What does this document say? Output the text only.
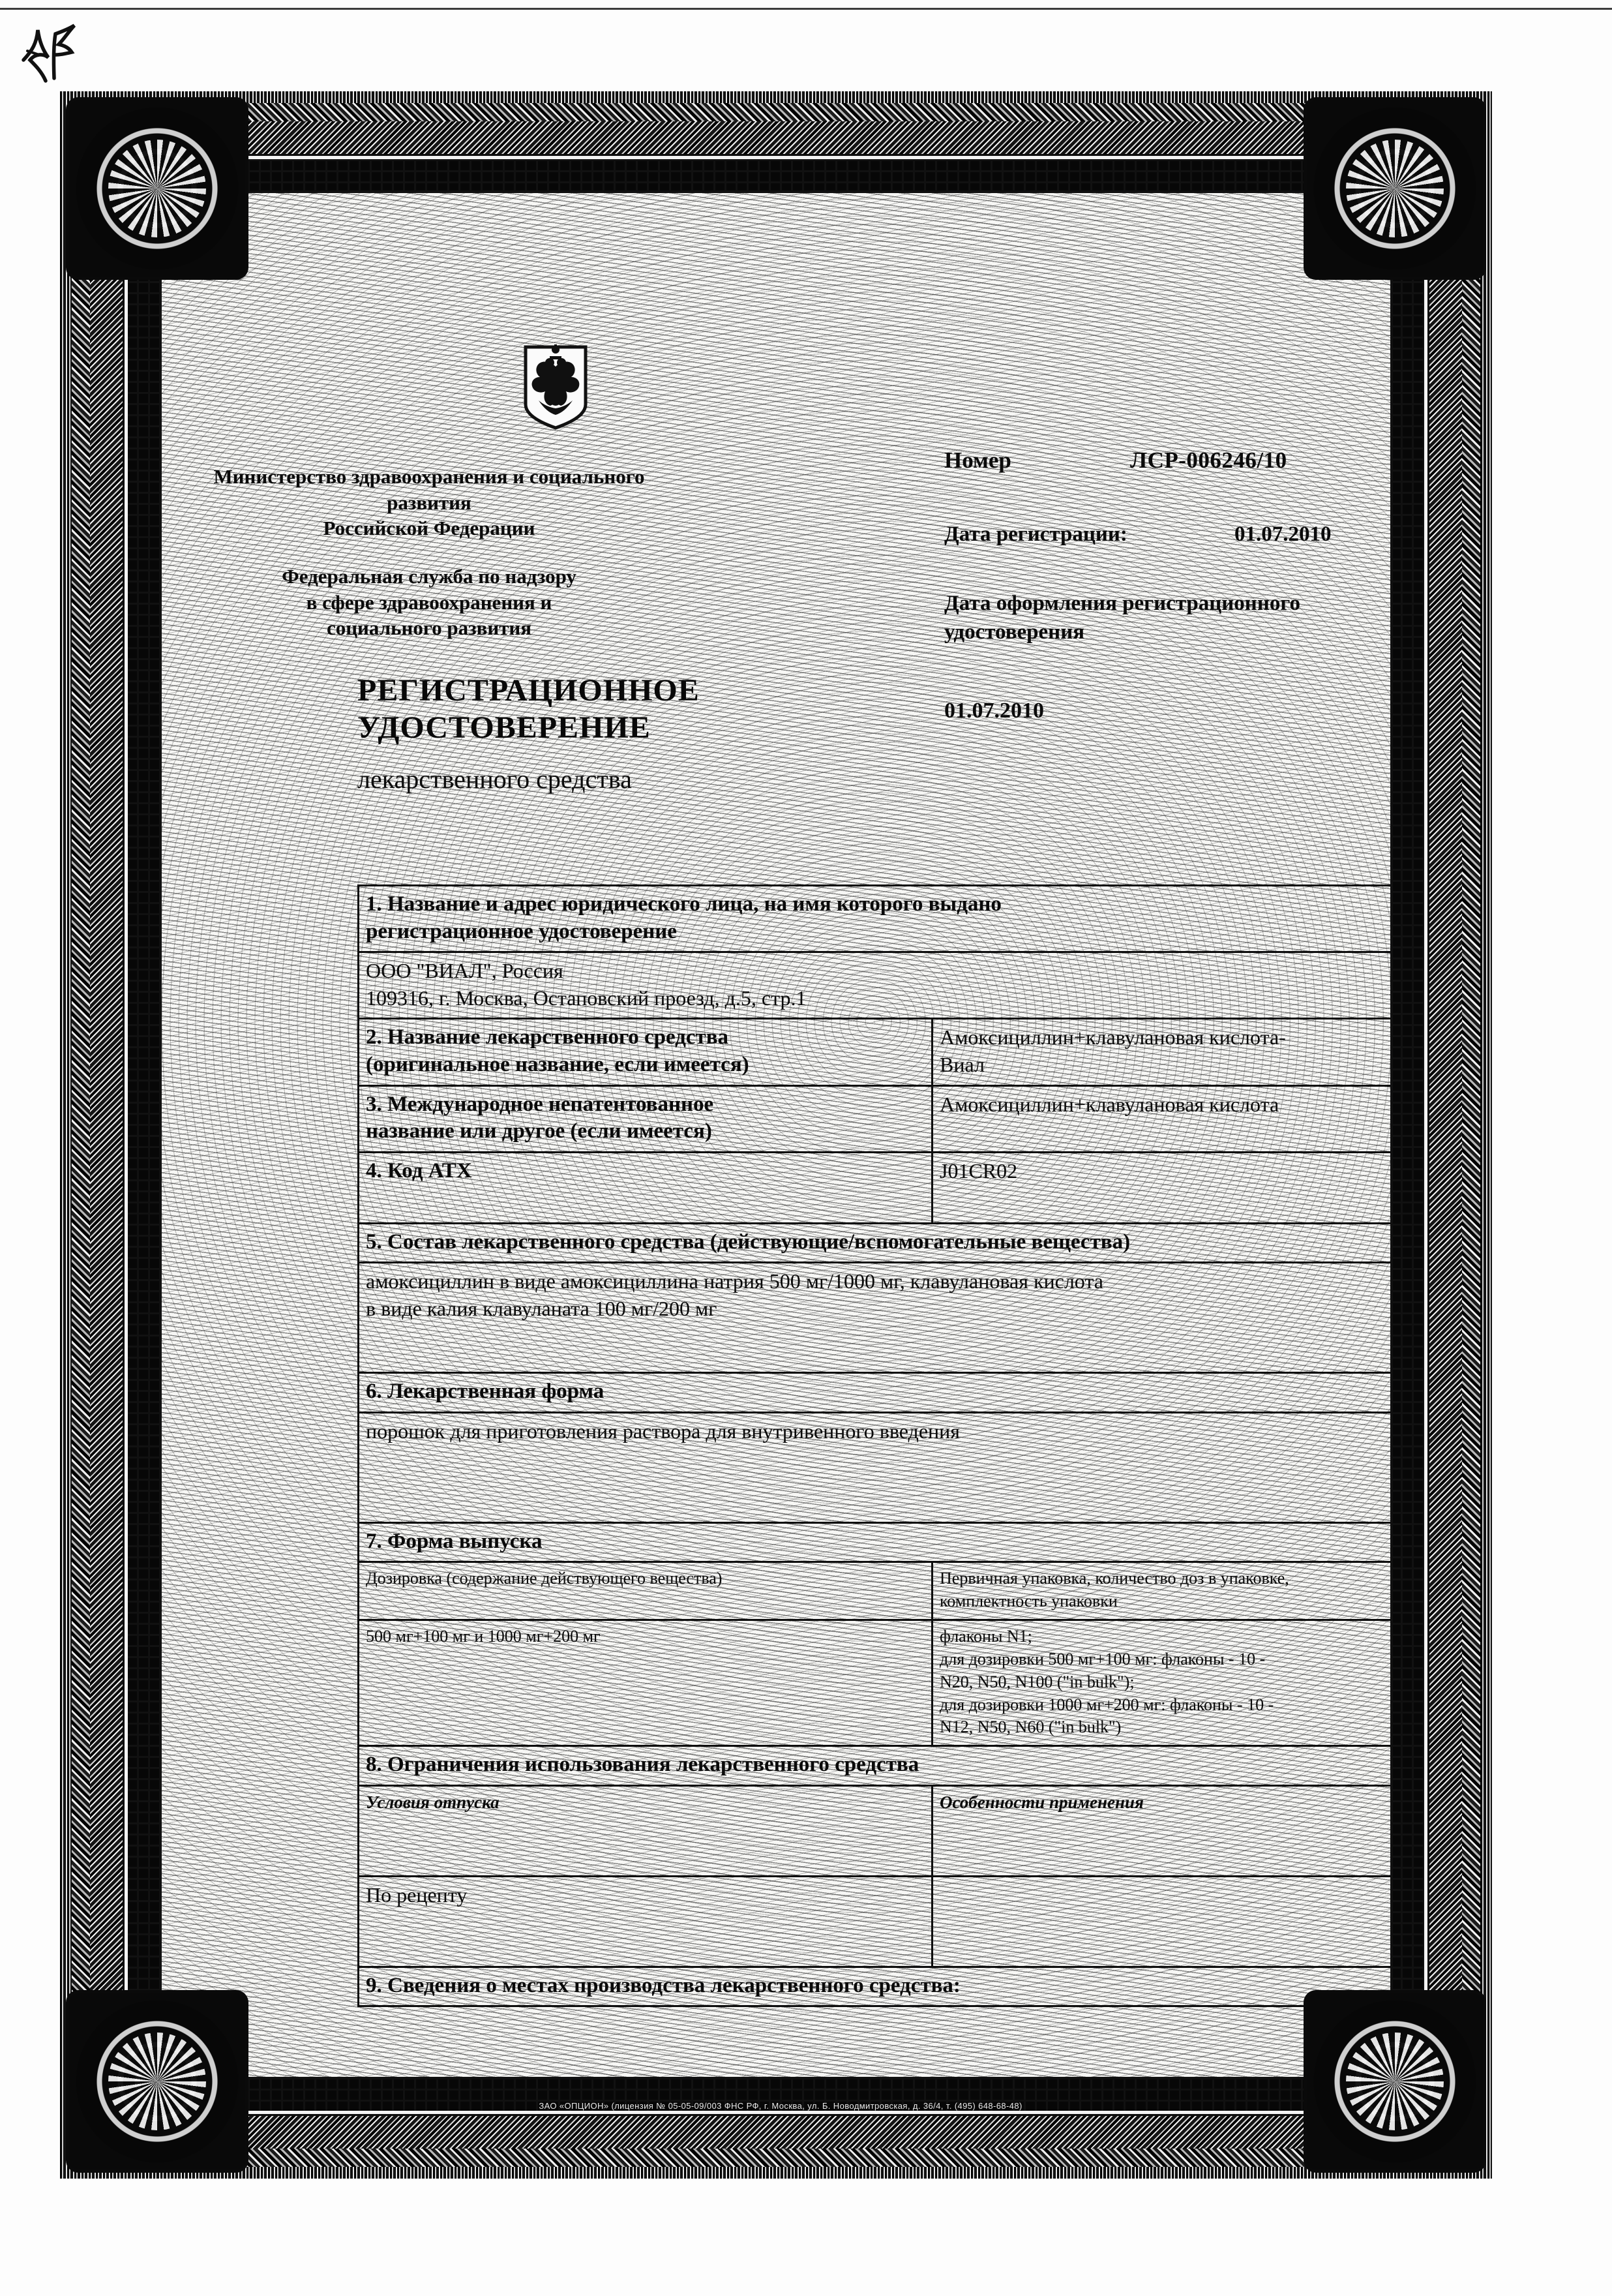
ЗАО «ОПЦИОН» (лицензия № 05-05-09/003 ФНС РФ, г. Москва, ул. Б. Новодмитровская, д. 36/4, т. (495) 648-68-48)
Министерство здравоохранения и социального
развития
Российской Федерации
Федеральная служба по надзору
в сфере здравоохранения и
социального развития
Номер	ЛСР-006246/10
Дата регистрации:	01.07.2010
Дата оформления регистрационного
удостоверения
01.07.2010
РЕГИСТРАЦИОННОЕ
УДОСТОВЕРЕНИЕ
лекарственного средства
1. Название и адрес юридического лица, на имя которого выдано
регистрационное удостоверение	
ООО "ВИАЛ", Россия
109316, г. Москва, Остаповский проезд, д.5, стр.1	
2. Название лекарственного средства
(оригинальное название, если имеется)	Амоксициллин+клавулановая кислота-
Виал
3. Международное непатентованное
название или другое (если имеется)	Амоксициллин+клавулановая кислота
4. Код АТХ	J01CR02
5. Состав лекарственного средства (действующие/вспомогательные вещества)	
амоксициллин в виде амоксициллина натрия 500 мг/1000 мг, клавулановая кислота
в виде калия клавуланата 100 мг/200 мг	
6. Лекарственная форма	
порошок для приготовления раствора для внутривенного введения	
7. Форма выпуска	
Дозировка (содержание действующего вещества)	Первичная упаковка, количество доз в упаковке,
комплектность упаковки
500 мг+100 мг и 1000 мг+200 мг	флаконы N1;
для дозировки 500 мг+100 мг: флаконы - 10 -
N20, N50, N100 ("in bulk");
для дозировки 1000 мг+200 мг: флаконы - 10 -
N12, N50, N60 ("in bulk")
8. Ограничения использования лекарственного средства	
Условия отпуска	Особенности применения
По рецепту	
9. Сведения о местах производства лекарственного средства:	
